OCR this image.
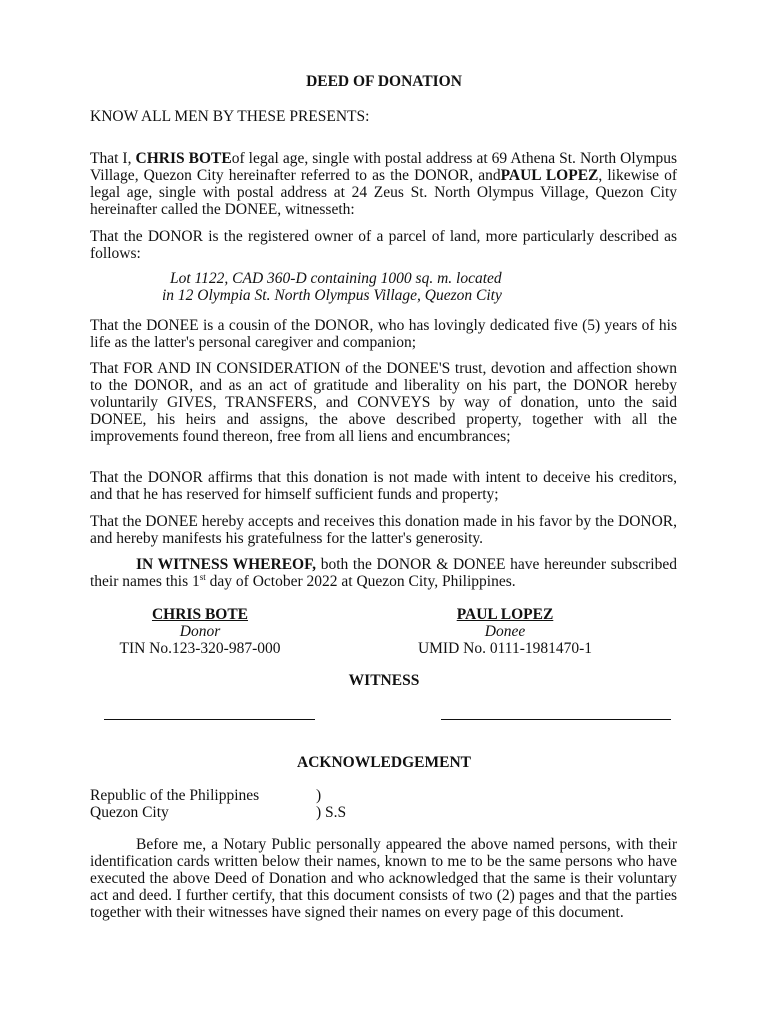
DEED OF DONATION
KNOW ALL MEN BY THESE PRESENTS:

That I, CHRIS BOTEof legal age, single with postal address at 69 Athena St. North Olympus Village, Quezon City hereinafter referred to as the DONOR, andPAUL LOPEZ, likewise of legal age, single with postal address at 24 Zeus St. North Olympus Village, Quezon City hereinafter called the DONEE, witnesseth:

That the DONOR is the registered owner of a parcel of land, more particularly described as follows:

Lot 1122, CAD 360-D containing 1000 sq. m. located
in 12 Olympia St. North Olympus Village, Quezon City

That the DONEE is a cousin of the DONOR, who has lovingly dedicated five (5) years of his life as the latter's personal caregiver and companion;

That FOR AND IN CONSIDERATION of the DONEE'S trust, devotion and affection shown to the DONOR, and as an act of gratitude and liberality on his part, the DONOR hereby voluntarily GIVES, TRANSFERS, and CONVEYS by way of donation, unto the said DONEE, his heirs and assigns, the above described property, together with all the improvements found thereon, free from all liens and encumbrances;

That the DONOR affirms that this donation is not made with intent to deceive his creditors, and that he has reserved for himself sufficient funds and property;

That the DONEE hereby accepts and receives this donation made in his favor by the DONOR, and hereby manifests his gratefulness for the latter's generosity.

IN WITNESS WHEREOF, both the DONOR & DONEE have hereunder subscribed their names this 1st day of October 2022 at Quezon City, Philippines.

CHRIS BOTE
Donor
TIN No.123-320-987-000
PAUL LOPEZ
Donee
UMID No. 0111-1981470-1
WITNESS
ACKNOWLEDGEMENT
Republic of the Philippines	)
Quezon City	) S.S

Before me, a Notary Public personally appeared the above named persons, with their identification cards written below their names, known to me to be the same persons who have executed the above Deed of Donation and who acknowledged that the same is their voluntary act and deed. I further certify, that this document consists of two (2) pages and that the parties together with their witnesses have signed their names on every page of this document.
